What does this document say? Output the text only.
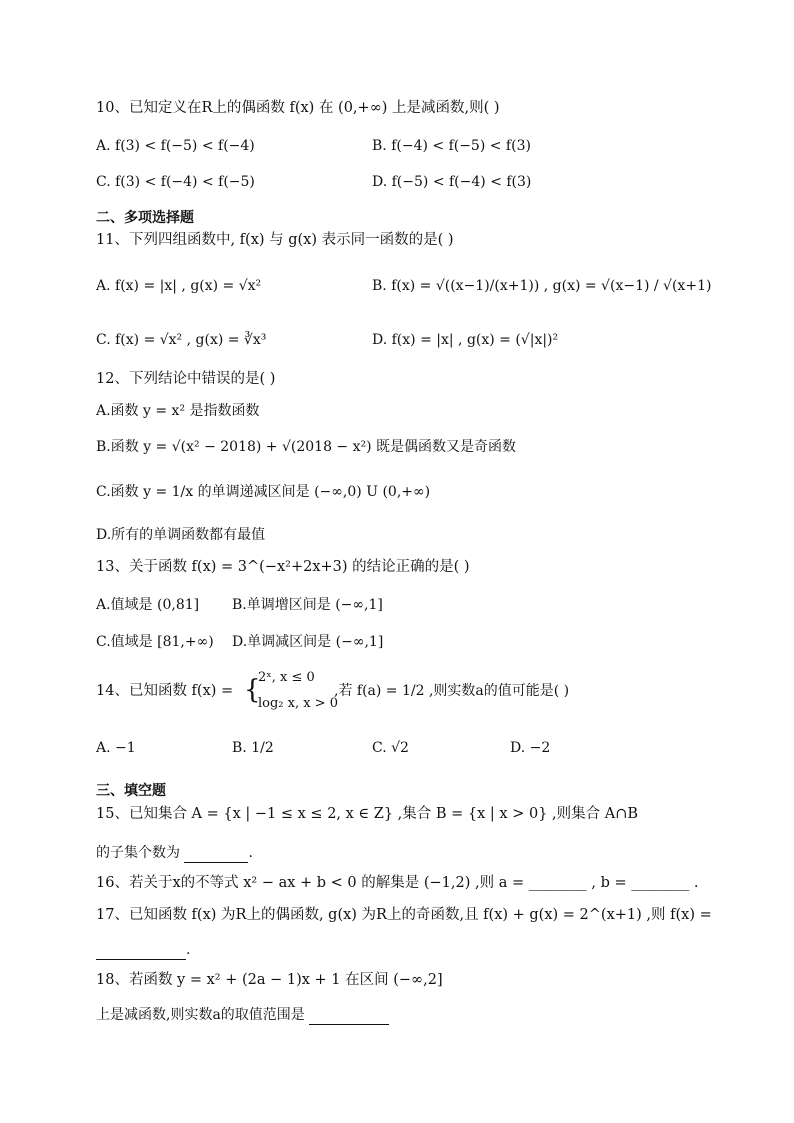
10、已知定义在R上的偶函数 f(x) 在 (0,+∞) 上是减函数,则( )
A. f(3) < f(−5) < f(−4)	B. f(−4) < f(−5) < f(3)
C. f(3) < f(−4) < f(−5)	D. f(−5) < f(−4) < f(3)
二、多项选择题
11、下列四组函数中, f(x) 与 g(x) 表示同一函数的是( )
A. f(x) = |x| , g(x) = √x²	B. f(x) = √((x−1)/(x+1)) , g(x) = √(x−1) / √(x+1)
C. f(x) = √x² , g(x) = ∛x³	D. f(x) = |x| , g(x) = (√|x|)²
12、下列结论中错误的是( )
A.函数 y = x² 是指数函数
B.函数 y = √(x² − 2018) + √(2018 − x²) 既是偶函数又是奇函数
C.函数 y = 1/x 的单调递减区间是 (−∞,0) U (0,+∞)
D.所有的单调函数都有最值
13、关于函数 f(x) = 3^(−x²+2x+3) 的结论正确的是( )
A.值域是 (0,81] B.单调增区间是 (−∞,1]
C.值域是 [81,+∞) D.单调减区间是 (−∞,1]
14、已知函数 f(x) = {
2ˣ, x ≤ 0
log₂ x, x > 0
,若 f(a) = 1/2 ,则实数a的值可能是( )
A. −1	B. 1/2	C. √2	D. −2
三、填空题
15、已知集合 A = {x | −1 ≤ x ≤ 2, x ∈ Z} ,集合 B = {x | x > 0} ,则集合 A∩B
的子集个数为	.
16、若关于x的不等式 x² − ax + b < 0 的解集是 (−1,2) ,则 a = ________ , b = ________ .
17、已知函数 f(x) 为R上的偶函数, g(x) 为R上的奇函数,且 f(x) + g(x) = 2^(x+1) ,则 f(x) =
.
18、若函数 y = x² + (2a − 1)x + 1 在区间 (−∞,2]
上是减函数,则实数a的取值范围是
